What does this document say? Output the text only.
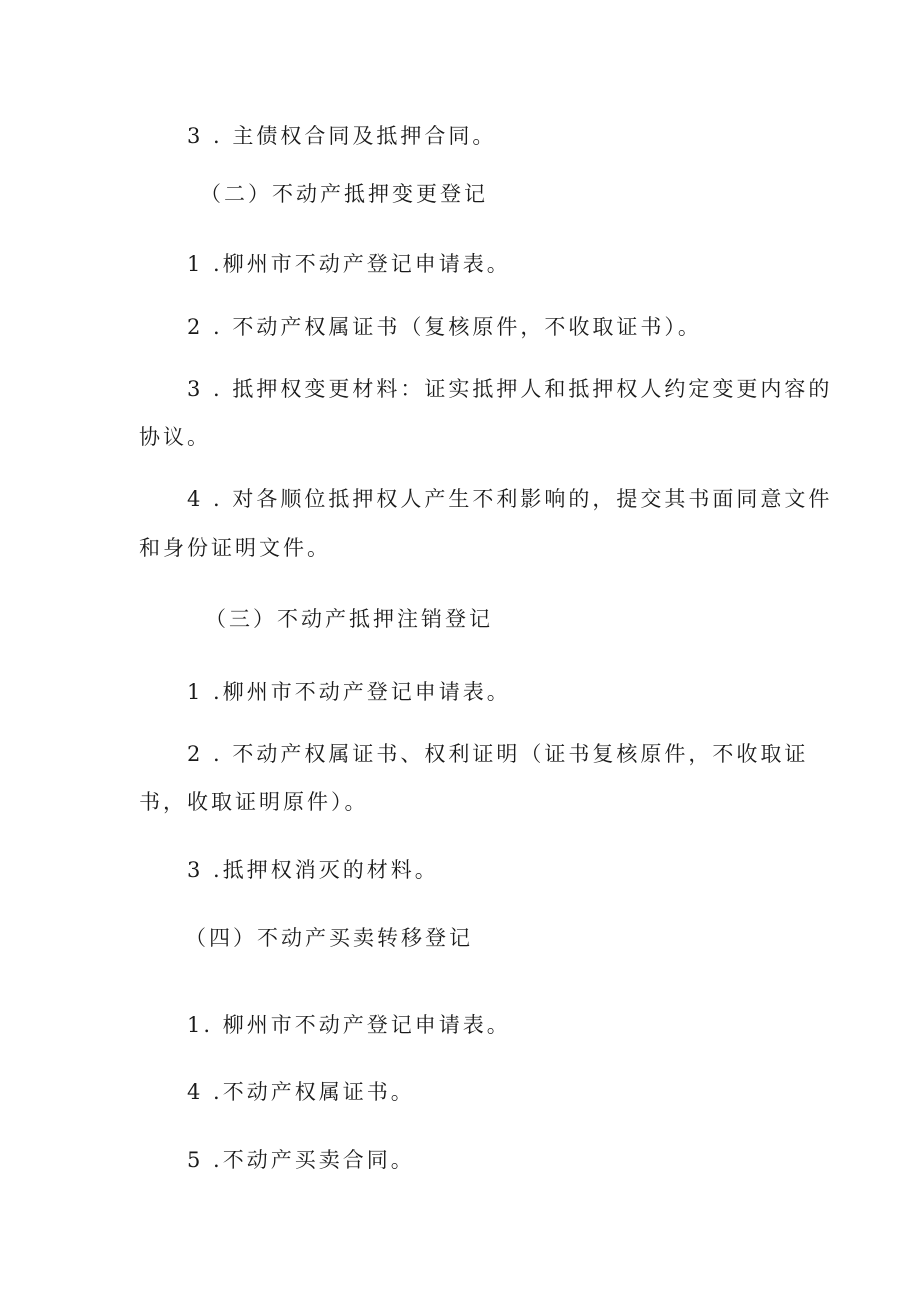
3 . 主债权合同及抵押合同。
（二）不动产抵押变更登记
1 .柳州市不动产登记申请表。
2 . 不动产权属证书（复核原件，不收取证书）。
3 . 抵押权变更材料：证实抵押人和抵押权人约定变更内容的
协议。
4 . 对各顺位抵押权人产生不利影响的，提交其书面同意文件
和身份证明文件。
（三）不动产抵押注销登记
1 .柳州市不动产登记申请表。
2 . 不动产权属证书、权利证明（证书复核原件，不收取证
书，收取证明原件）。
3 .抵押权消灭的材料。
（四）不动产买卖转移登记
1. 柳州市不动产登记申请表。
4 .不动产权属证书。
5 .不动产买卖合同。
